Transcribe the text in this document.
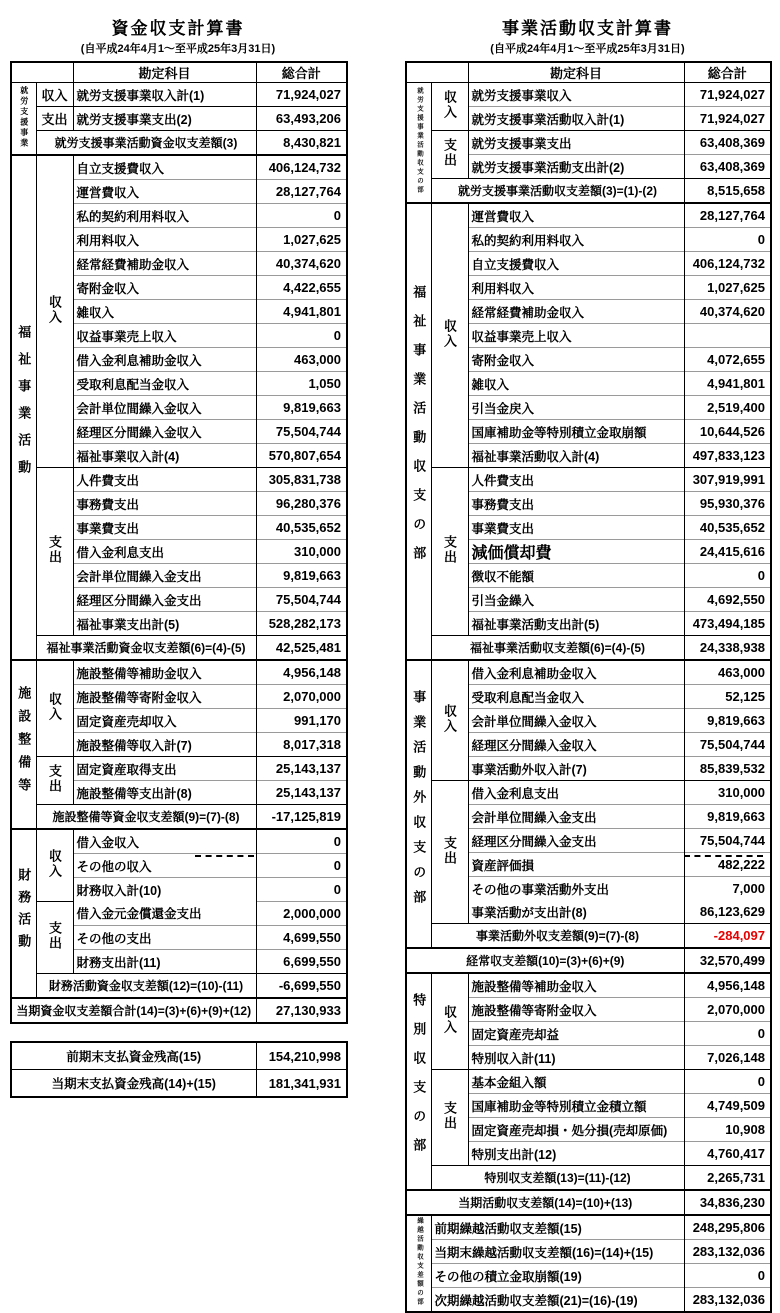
資金収支計算書
(自平成24年4月1～至平成25年3月31日)
		勘定科目	総合計
就労支援事業	収入	就労支援事業収入計(1)	71,924,027
	支出	就労支援事業支出(2)	63,493,206
	就労支援事業活動資金収支差額(3)		8,430,821
福祉事業活動	収入	自立支援費収入	406,124,732
		運営費収入	28,127,764
		私的契約利用料収入	0
		利用料収入	1,027,625
		経常経費補助金収入	40,374,620
		寄附金収入	4,422,655
		雑収入	4,941,801
		収益事業売上収入	0
		借入金利息補助金収入	463,000
		受取利息配当金収入	1,050
		会計単位間繰入金収入	9,819,663
		経理区分間繰入金収入	75,504,744
		福祉事業収入計(4)	570,807,654
	支出	人件費支出	305,831,738
		事務費支出	96,280,376
		事業費支出	40,535,652
		借入金利息支出	310,000
		会計単位間繰入金支出	9,819,663
		経理区分間繰入金支出	75,504,744
		福祉事業支出計(5)	528,282,173
	福祉事業活動資金収支差額(6)=(4)-(5)		42,525,481
施設整備等	収入	施設整備等補助金収入	4,956,148
		施設整備等寄附金収入	2,070,000
		固定資産売却収入	991,170
		施設整備等収入計(7)	8,017,318
	支出	固定資産取得支出	25,143,137
		施設整備等支出計(8)	25,143,137
	施設整備等資金収支差額(9)=(7)-(8)		-17,125,819
財務活動	収入	借入金収入	0
		その他の収入	0
		財務収入計(10)	0
	支出	借入金元金償還金支出	2,000,000
		その他の支出	4,699,550
		財務支出計(11)	6,699,550
	財務活動資金収支差額(12)=(10)-(11)		-6,699,550
当期資金収支差額合計(14)=(3)+(6)+(9)+(12)			27,130,933
前期末支払資金残高(15)	154,210,998
当期末支払資金残高(14)+(15)	181,341,931
事業活動収支計算書
(自平成24年4月1～至平成25年3月31日)
		勘定科目	総合計
就労支援事業活動収支の部	収入	就労支援事業収入	71,924,027
		就労支援事業活動収入計(1)	71,924,027
	支出	就労支援事業支出	63,408,369
		就労支援事業活動支出計(2)	63,408,369
	就労支援事業活動収支差額(3)=(1)-(2)		8,515,658
福祉事業活動収支の部	収入	運営費収入	28,127,764
		私的契約利用料収入	0
		自立支援費収入	406,124,732
		利用料収入	1,027,625
		経常経費補助金収入	40,374,620
		収益事業売上収入	
		寄附金収入	4,072,655
		雑収入	4,941,801
		引当金戻入	2,519,400
		国庫補助金等特別積立金取崩額	10,644,526
		福祉事業活動収入計(4)	497,833,123
	支出	人件費支出	307,919,991
		事務費支出	95,930,376
		事業費支出	40,535,652
		減価償却費	24,415,616
		徴収不能額	0
		引当金繰入	4,692,550
		福祉事業活動支出計(5)	473,494,185
	福祉事業活動収支差額(6)=(4)-(5)		24,338,938
事業活動外収支の部	収入	借入金利息補助金収入	463,000
		受取利息配当金収入	52,125
		会計単位間繰入金収入	9,819,663
		経理区分間繰入金収入	75,504,744
		事業活動外収入計(7)	85,839,532
	支出	借入金利息支出	310,000
		会計単位間繰入金支出	9,819,663
		経理区分間繰入金支出	75,504,744
		資産評価損	482,222
		その他の事業活動外支出	7,000
		事業活動が支出計(8)	86,123,629
	事業活動外収支差額(9)=(7)-(8)		-284,097
経常収支差額(10)=(3)+(6)+(9)			32,570,499
特別収支の部	収入	施設整備等補助金収入	4,956,148
		施設整備等寄附金収入	2,070,000
		固定資産売却益	0
		特別収入計(11)	7,026,148
	支出	基本金組入額	0
		国庫補助金等特別積立金積立額	4,749,509
		固定資産売却損・処分損(売却原価)	10,908
		特別支出計(12)	4,760,417
	特別収支差額(13)=(11)-(12)		2,265,731
当期活動収支差額(14)=(10)+(13)			34,836,230
繰越活動収支差額の部	前期繰越活動収支差額(15)		248,295,806
	当期末繰越活動収支差額(16)=(14)+(15)		283,132,036
	その他の積立金取崩額(19)		0
	次期繰越活動収支差額(21)=(16)-(19)		283,132,036
